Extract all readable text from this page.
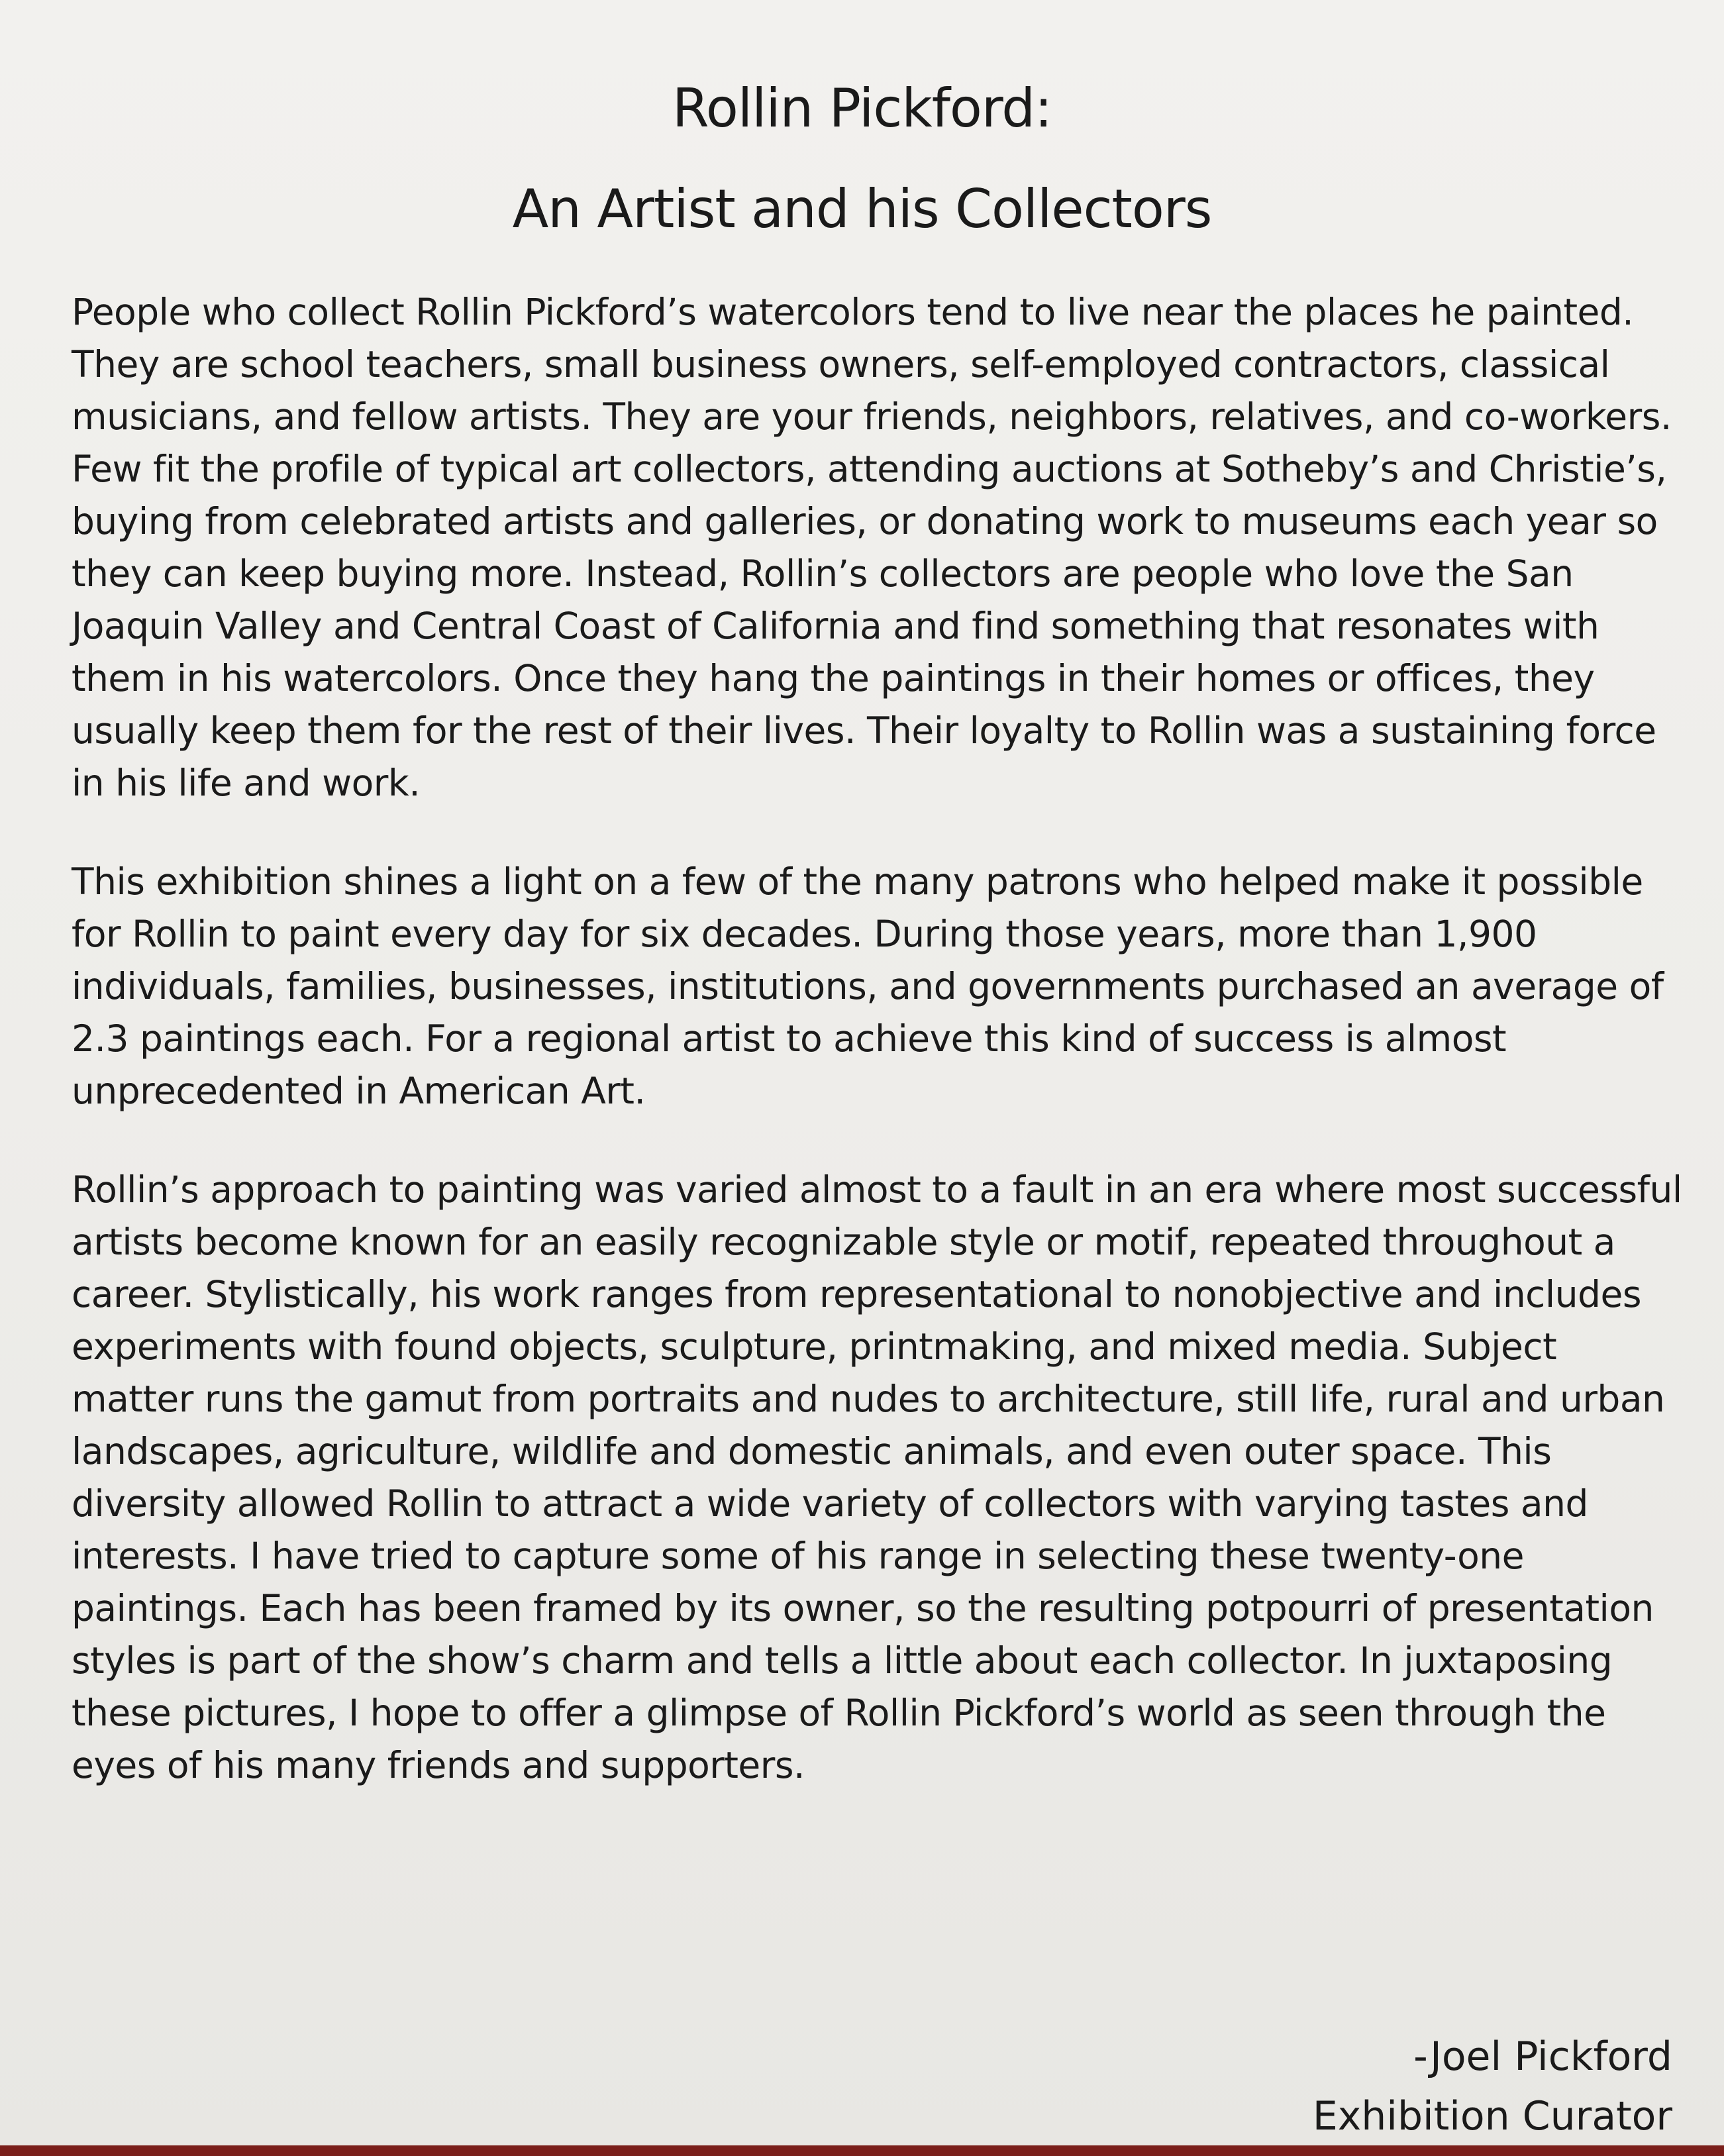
Rollin Pickford:
An Artist and his Collectors

People who collect Rollin Pickford’s watercolors tend to live near the places he painted. They are school teachers, small business owners, self-employed contractors, classical musicians, and fellow artists. They are your friends, neighbors, relatives, and co-workers. Few fit the profile of typical art collectors, attending auctions at Sotheby’s and Christie’s, buying from celebrated artists and galleries, or donating work to museums each year so they can keep buying more. Instead, Rollin’s collectors are people who love the San Joaquin Valley and Central Coast of California and find something that resonates with them in his watercolors. Once they hang the paintings in their homes or offices, they usually keep them for the rest of their lives. Their loyalty to Rollin was a sustaining force in his life and work.

This exhibition shines a light on a few of the many patrons who helped make it possible for Rollin to paint every day for six decades. During those years, more than 1,900 individuals, families, businesses, institutions, and governments purchased an average of 2.3 paintings each. For a regional artist to achieve this kind of success is almost unprecedented in American Art.

Rollin’s approach to painting was varied almost to a fault in an era where most successful artists become known for an easily recognizable style or motif, repeated throughout a career. Stylistically, his work ranges from representational to nonobjective and includes experiments with found objects, sculpture, printmaking, and mixed media. Subject matter runs the gamut from portraits and nudes to architecture, still life, rural and urban landscapes, agriculture, wildlife and domestic animals, and even outer space. This diversity allowed Rollin to attract a wide variety of collectors with varying tastes and interests. I have tried to capture some of his range in selecting these twenty-one paintings. Each has been framed by its owner, so the resulting potpourri of presentation styles is part of the show’s charm and tells a little about each collector. In juxtaposing these pictures, I hope to offer a glimpse of Rollin Pickford’s world as seen through the eyes of his many friends and supporters.

-Joel Pickford
Exhibition Curator
